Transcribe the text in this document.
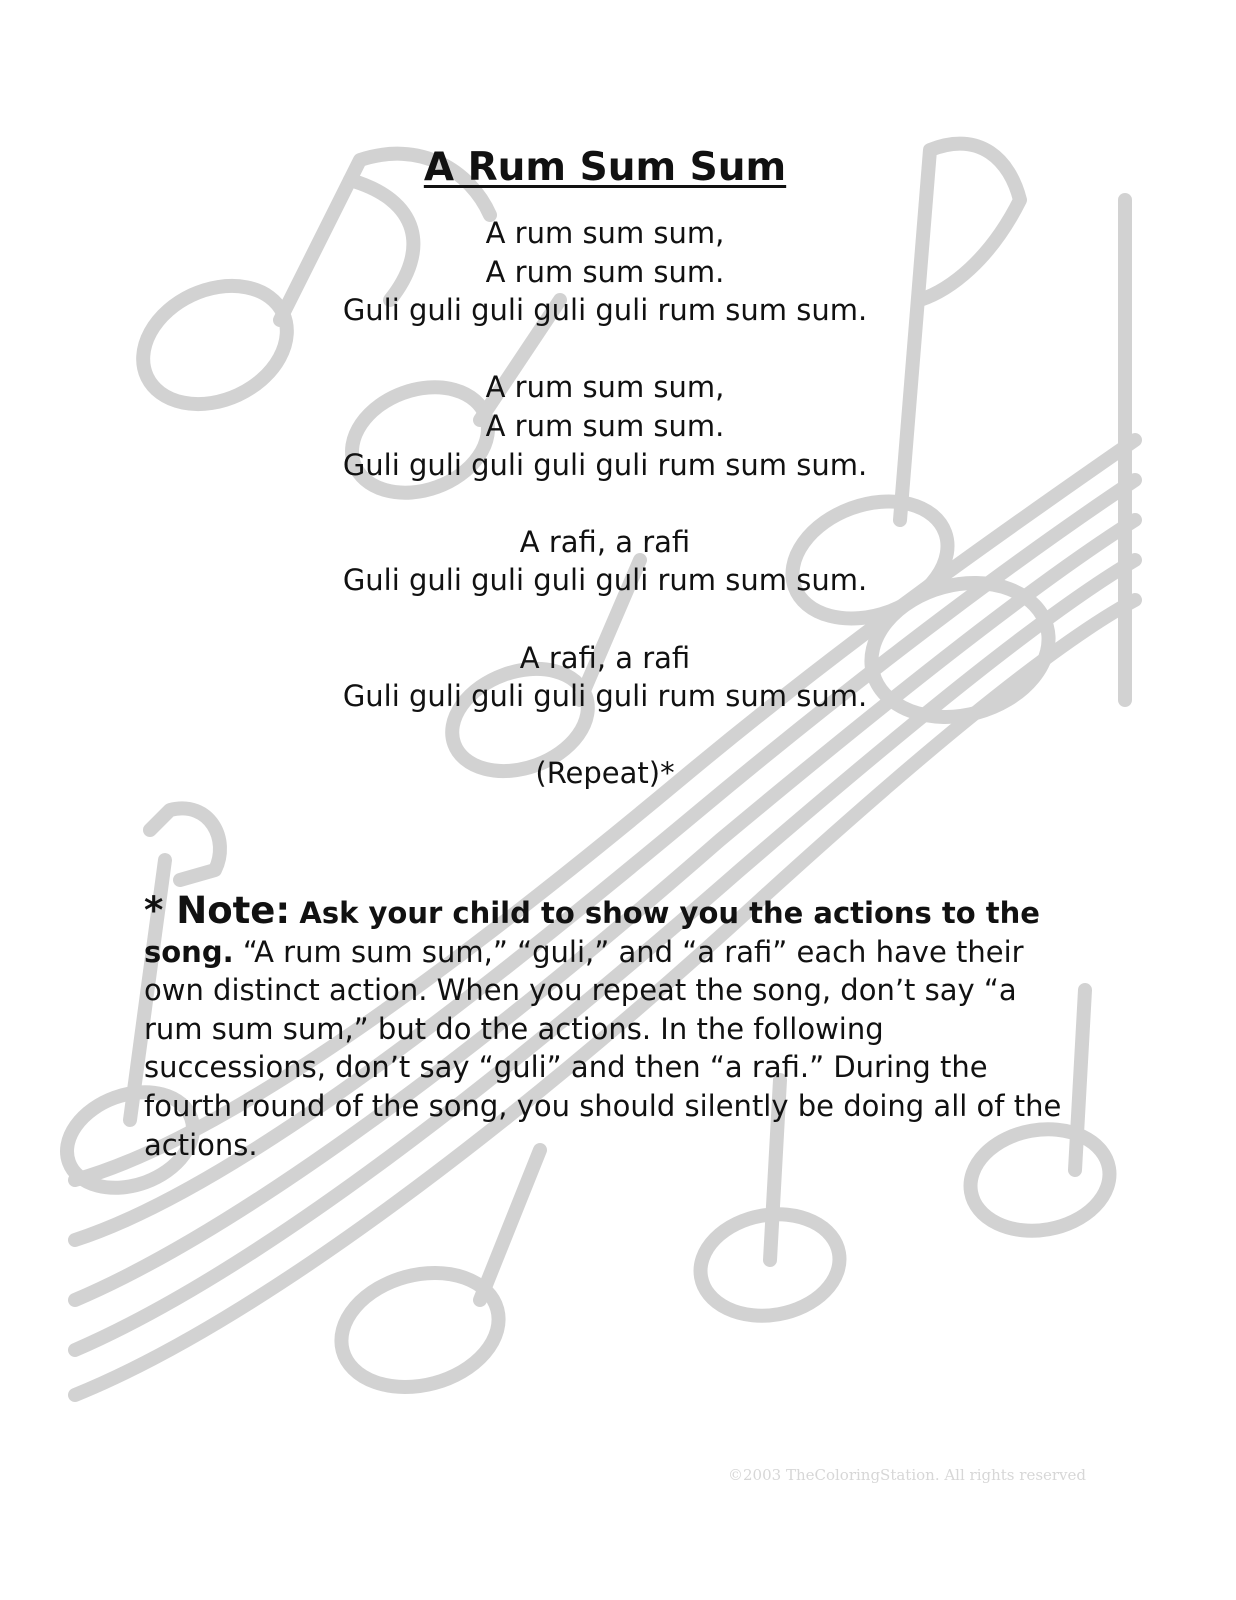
A Rum Sum Sum
A rum sum sum,
A rum sum sum.
Guli guli guli guli guli rum sum sum.
A rum sum sum,
A rum sum sum.
Guli guli guli guli guli rum sum sum.
A rafi, a rafi
Guli guli guli guli guli rum sum sum.
A rafi, a rafi
Guli guli guli guli guli rum sum sum.
(Repeat)*

* Note: Ask your child to show you the actions to the song. “A rum sum sum,” “guli,” and “a rafi” each have their own distinct action. When you repeat the song, don’t say “a rum sum sum,” but do the actions. In the following successions, don’t say “guli” and then “a rafi.” During the fourth round of the song, you should silently be doing all of the actions.

©2003 TheColoringStation. All rights reserved
